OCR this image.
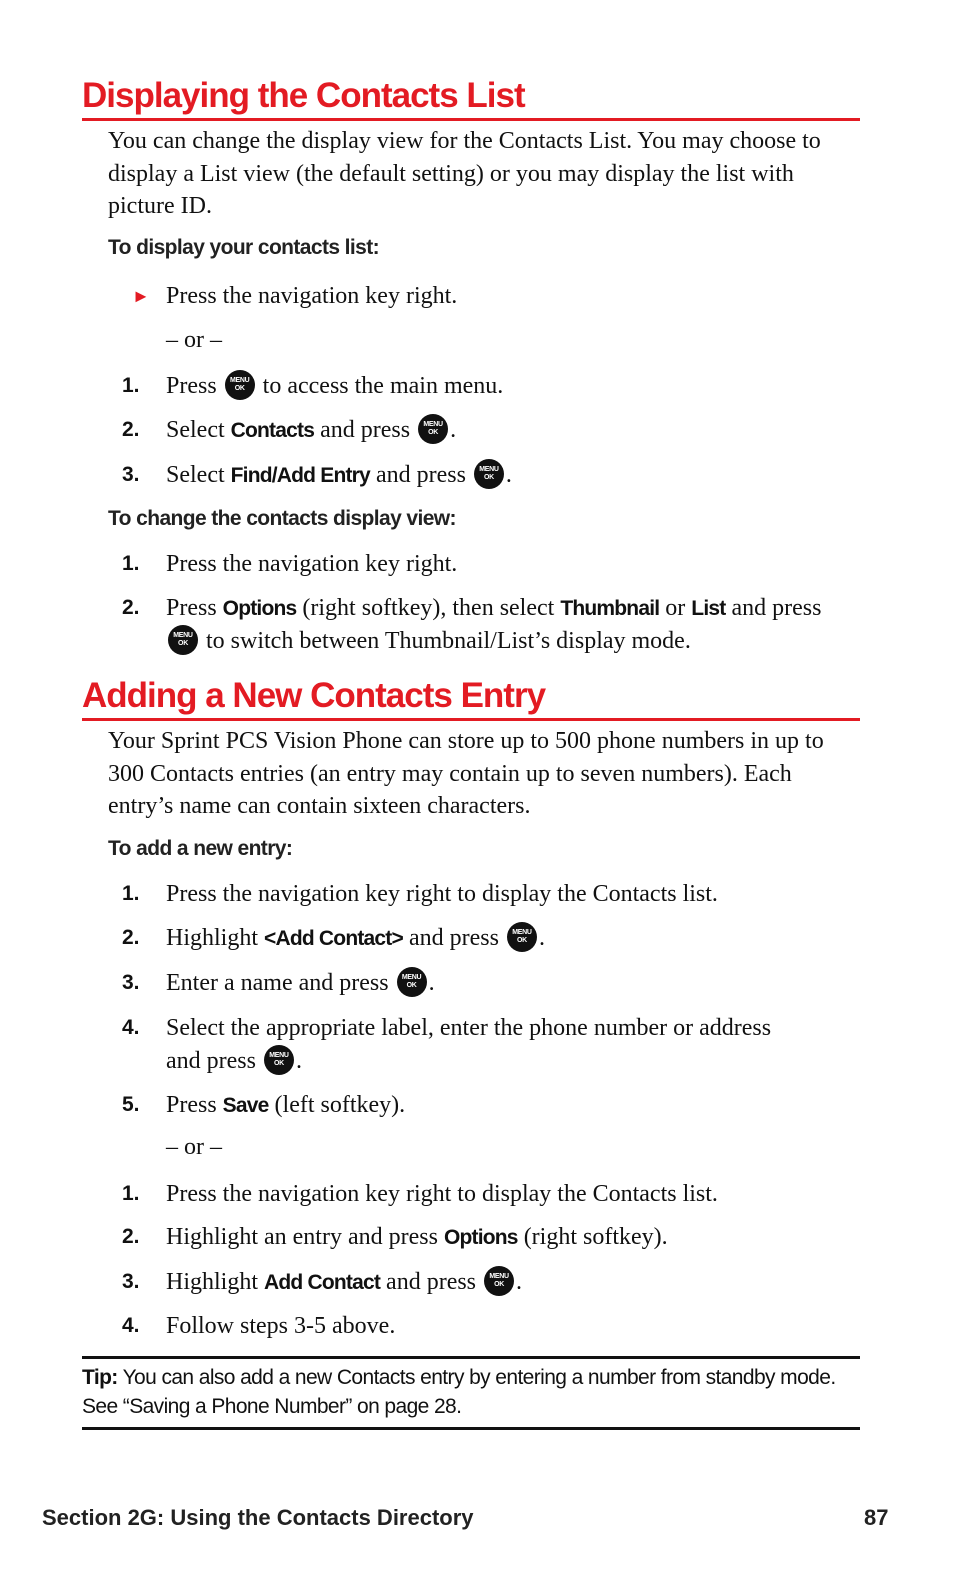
Displaying the Contacts List
You can change the display view for the Contacts List. You may choose to display a List view (the default setting) or you may display the list with picture ID.
To display your contacts list:
► Press the navigation key right.
– or –
1. Press	MENU
OK to access the main menu.
2. Select Contacts and press	MENU
OK .
3. Select Find/Add Entry and press	MENU
OK .
To change the contacts display view:
1. Press the navigation key right.
2. Press Options (right softkey), then select Thumbnail or List and press
MENU
OK to switch between Thumbnail/List’s display mode.
Adding a New Contacts Entry
Your Sprint PCS Vision Phone can store up to 500 phone numbers in up to 300 Contacts entries (an entry may contain up to seven numbers). Each entry’s name can contain sixteen characters.
To add a new entry:
1. Press the navigation key right to display the Contacts list.
2. Highlight <Add Contact> and press	MENU
OK .
3. Enter a name and press	MENU
OK .
4. Select the appropriate label, enter the phone number or address and press	MENU
OK .
5. Press Save (left softkey).
– or –
1. Press the navigation key right to display the Contacts list.
2. Highlight an entry and press Options (right softkey).
3. Highlight Add Contact and press	MENU
OK .
4. Follow steps 3-5 above.
Tip: You can also add a new Contacts entry by entering a number from standby mode. See “Saving a Phone Number” on page 28.
Section 2G: Using the Contacts Directory	87
